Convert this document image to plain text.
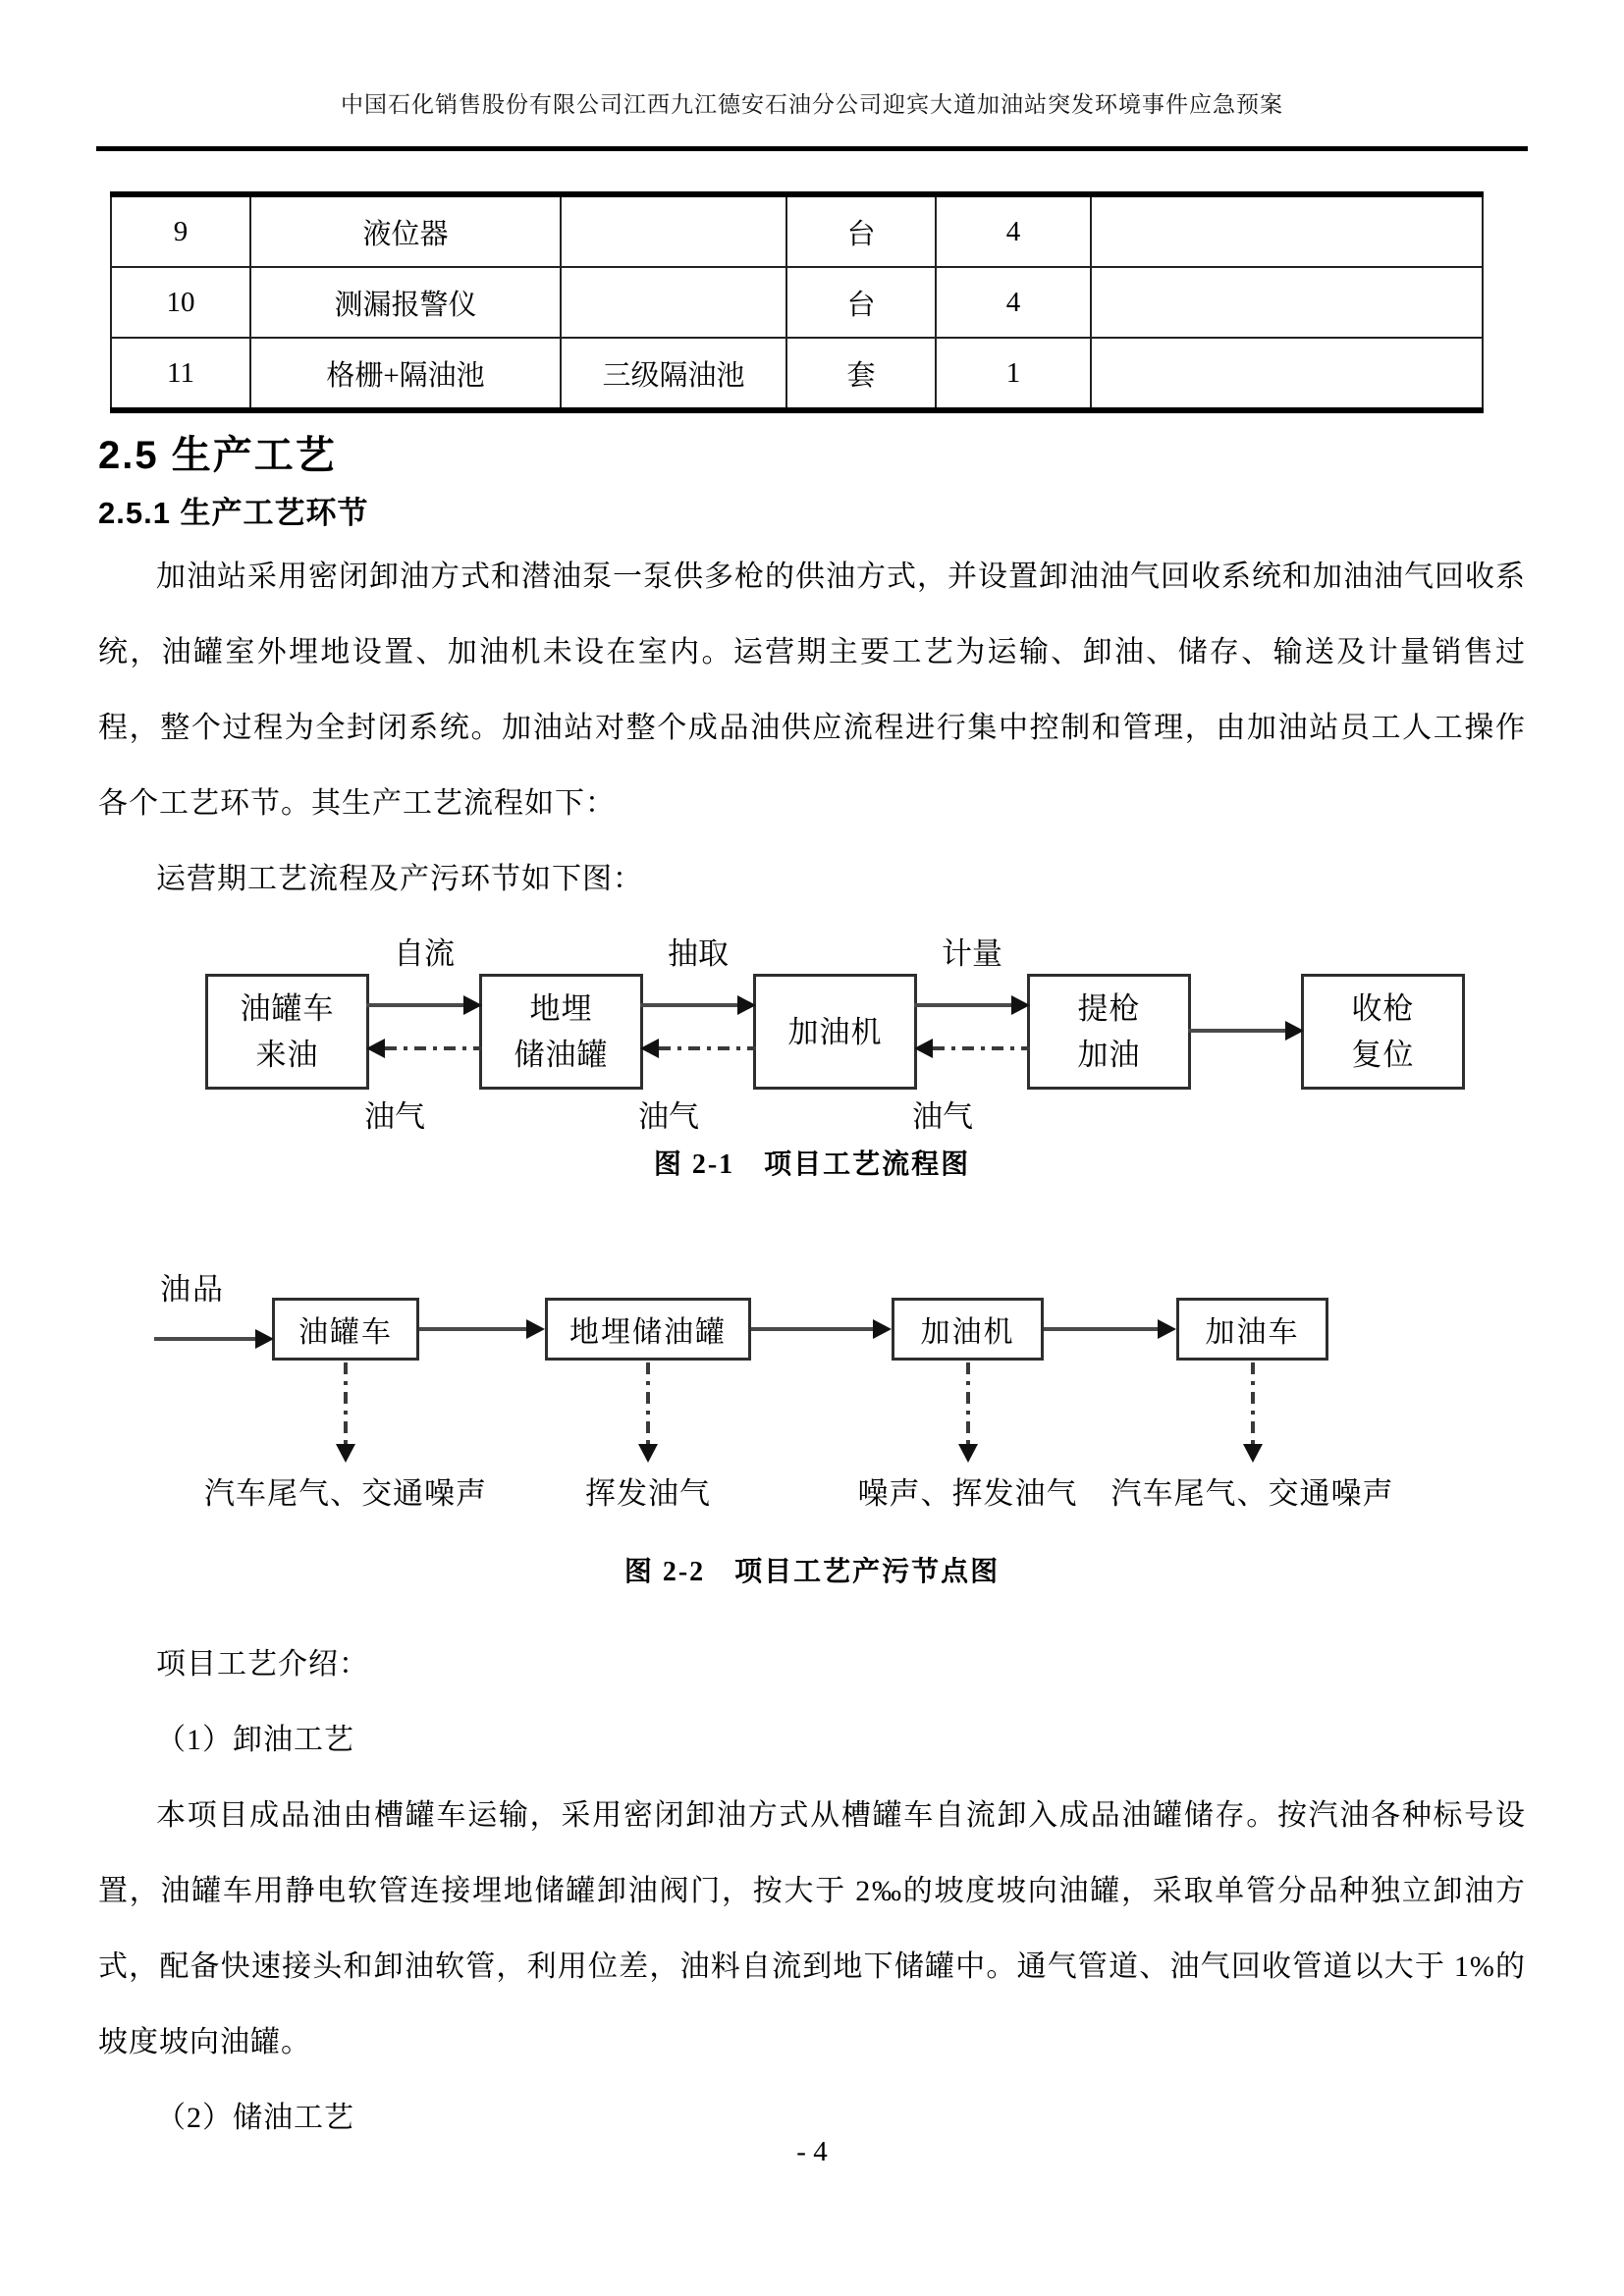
中国石化销售股份有限公司江西九江德安石油分公司迎宾大道加油站突发环境事件应急预案
9	液位器		台	4	
10	测漏报警仪		台	4	
11	格栅+隔油池	三级隔油池	套	1	
2.5 生产工艺
2.5.1 生产工艺环节

加油站采用密闭卸油方式和潜油泵一泵供多枪的供油方式，并设置卸油油气回收系统和加油油气回收系统，油罐室外埋地设置、加油机未设在室内。运营期主要工艺为运输、卸油、储存、输送及计量销售过程，整个过程为全封闭系统。加油站对整个成品油供应流程进行集中控制和管理，由加油站员工人工操作各个工艺环节。其生产工艺流程如下：

运营期工艺流程及产污环节如下图：

油罐车
来油
自流
油气
地埋
储油罐
抽取
油气
加油机
计量
油气
提枪
加油
收枪
复位
图 2-1　项目工艺流程图
油品
油罐车
汽车尾气、交通噪声
地埋储油罐
挥发油气
加油机
噪声、挥发油气
加油车
汽车尾气、交通噪声
图 2-2　项目工艺产污节点图

项目工艺介绍：

（1）卸油工艺

本项目成品油由槽罐车运输，采用密闭卸油方式从槽罐车自流卸入成品油罐储存。按汽油各种标号设置，油罐车用静电软管连接埋地储罐卸油阀门，按大于 2‰的坡度坡向油罐，采取单管分品种独立卸油方式，配备快速接头和卸油软管，利用位差，油料自流到地下储罐中。通气管道、油气回收管道以大于 1%的坡度坡向油罐。

（2）储油工艺

- 4
